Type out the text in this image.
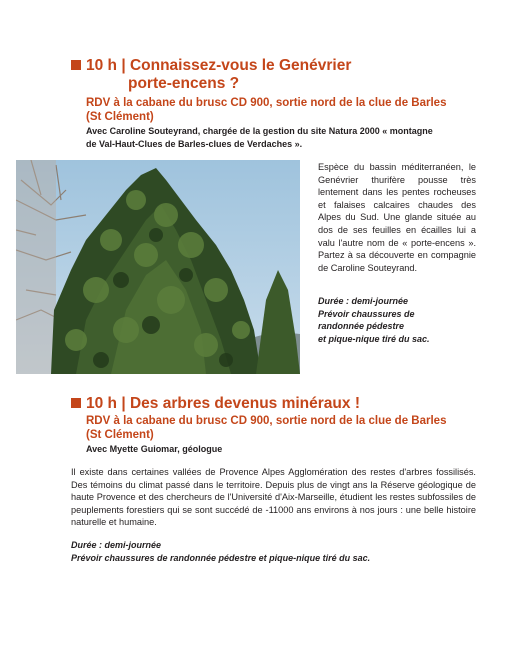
10 h | Connaissez-vous le Genévrier
porte-encens ?
RDV à la cabane du brusc CD 900, sortie nord de la clue de Barles
(St Clément)
Avec Caroline Souteyrand, chargée de la gestion du site Natura 2000 « montagne
de Val-Haut-Clues de Barles-clues de Verdaches ».
Espèce du bassin méditerranéen, le Genévrier thurifère pousse très lentement dans les pentes rocheuses et falaises calcaires chaudes des Alpes du Sud. Une glande située au dos de ses feuilles en écailles lui a valu l'autre nom de « porte-encens ». Partez à sa découverte en compagnie de Caroline Souteyrand.
Durée : demi-journée
Prévoir chaussures de
randonnée pédestre
et pique-nique tiré du sac.
10 h | Des arbres devenus minéraux !
RDV à la cabane du brusc CD 900, sortie nord de la clue de Barles
(St Clément)
Avec Myette Guiomar, géologue
Il existe dans certaines vallées de Provence Alpes Agglomération des restes d'arbres fossilisés. Des témoins du climat passé dans le territoire. Depuis plus de vingt ans la Réserve géologique de haute Provence et des chercheurs de l'Université d'Aix-Marseille, étudient les restes subfossiles de peuplements forestiers qui se sont succédé de -11000 ans environs à nos jours : une belle histoire naturelle et humaine.
Durée : demi-journée
Prévoir chaussures de randonnée pédestre et pique-nique tiré du sac.
